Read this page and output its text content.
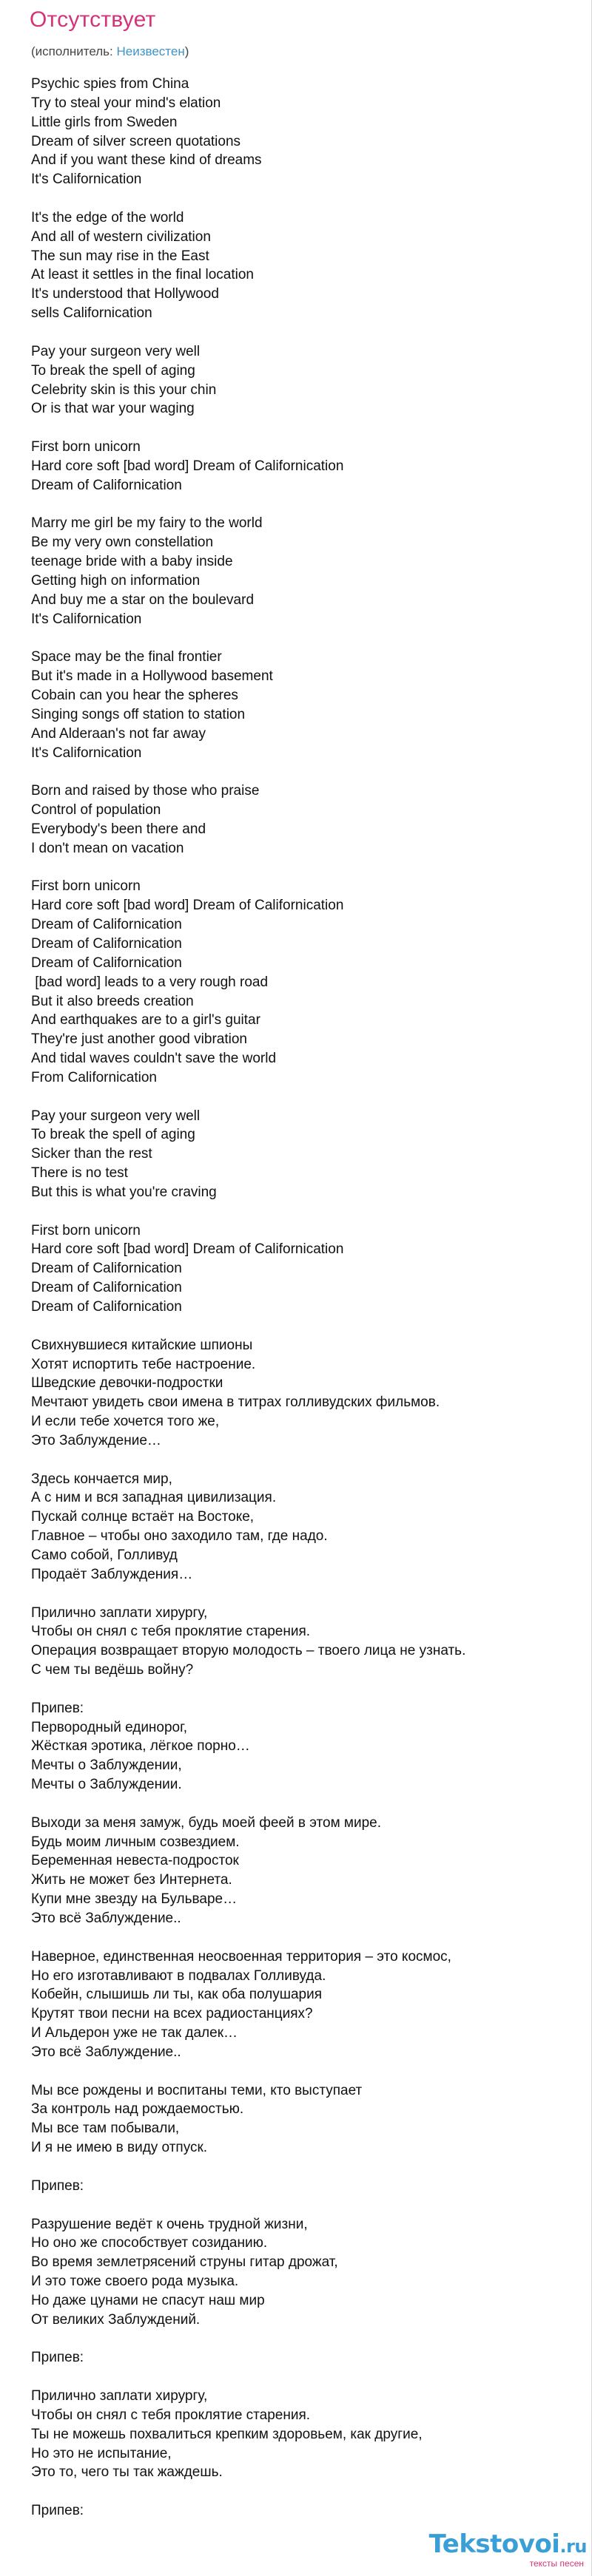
Отсутствует
(исполнитель: Неизвестен)
Psychic spies from China
Try to steal your mind's elation
Little girls from Sweden
Dream of silver screen quotations
And if you want these kind of dreams
It's Californication
It's the edge of the world
And all of western civilization
The sun may rise in the East
At least it settles in the final location
It's understood that Hollywood
sells Californication
Pay your surgeon very well
To break the spell of aging
Celebrity skin is this your chin
Or is that war your waging
First born unicorn
Hard core soft [bad word] Dream of Californication
Dream of Californication
Marry me girl be my fairy to the world
Be my very own constellation
teenage bride with a baby inside
Getting high on information
And buy me a star on the boulevard
It's Californication
Space may be the final frontier
But it's made in a Hollywood basement
Cobain can you hear the spheres
Singing songs off station to station
And Alderaan's not far away
It's Californication
Born and raised by those who praise
Control of population
Everybody's been there and
I don't mean on vacation
First born unicorn
Hard core soft [bad word] Dream of Californication
Dream of Californication
Dream of Californication
Dream of Californication
[bad word] leads to a very rough road
But it also breeds creation
And earthquakes are to a girl's guitar
They're just another good vibration
And tidal waves couldn't save the world
From Californication
Pay your surgeon very well
To break the spell of aging
Sicker than the rest
There is no test
But this is what you're craving
First born unicorn
Hard core soft [bad word] Dream of Californication
Dream of Californication
Dream of Californication
Dream of Californication
Свихнувшиеся китайские шпионы
Хотят испортить тебе настроение.
Шведские девочки-подростки
Мечтают увидеть свои имена в титрах голливудских фильмов.
И если тебе хочется того же,
Это Заблуждение…
Здесь кончается мир,
А с ним и вся западная цивилизация.
Пускай солнце встаёт на Востоке,
Главное – чтобы оно заходило там, где надо.
Само собой, Голливуд
Продаёт Заблуждения…
Прилично заплати хирургу,
Чтобы он снял с тебя проклятие старения.
Операция возвращает вторую молодость – твоего лица не узнать.
С чем ты ведёшь войну?
Припев:
Первородный единорог,
Жёсткая эротика, лёгкое порно…
Мечты о Заблуждении,
Мечты о Заблуждении.
Выходи за меня замуж, будь моей феей в этом мире.
Будь моим личным созвездием.
Беременная невеста-подросток
Жить не может без Интернета.
Купи мне звезду на Бульваре…
Это всё Заблуждение..
Наверное, единственная неосвоенная территория – это космос,
Но его изготавливают в подвалах Голливуда.
Кобейн, слышишь ли ты, как оба полушария
Крутят твои песни на всех радиостанциях?
И Альдерон уже не так далек…
Это всё Заблуждение..
Мы все рождены и воспитаны теми, кто выступает
За контроль над рождаемостью.
Мы все там побывали,
И я не имею в виду отпуск.
Припев:
Разрушение ведёт к очень трудной жизни,
Но оно же способствует созиданию.
Во время землетрясений струны гитар дрожат,
И это тоже своего рода музыка.
Но даже цунами не спасут наш мир
От великих Заблуждений.
Припев:
Прилично заплати хирургу,
Чтобы он снял с тебя проклятие старения.
Ты не можешь похвалиться крепким здоровьем, как другие,
Но это не испытание,
Это то, чего ты так жаждешь.
Припев:
Tekstovoi.ru
тексты песен
